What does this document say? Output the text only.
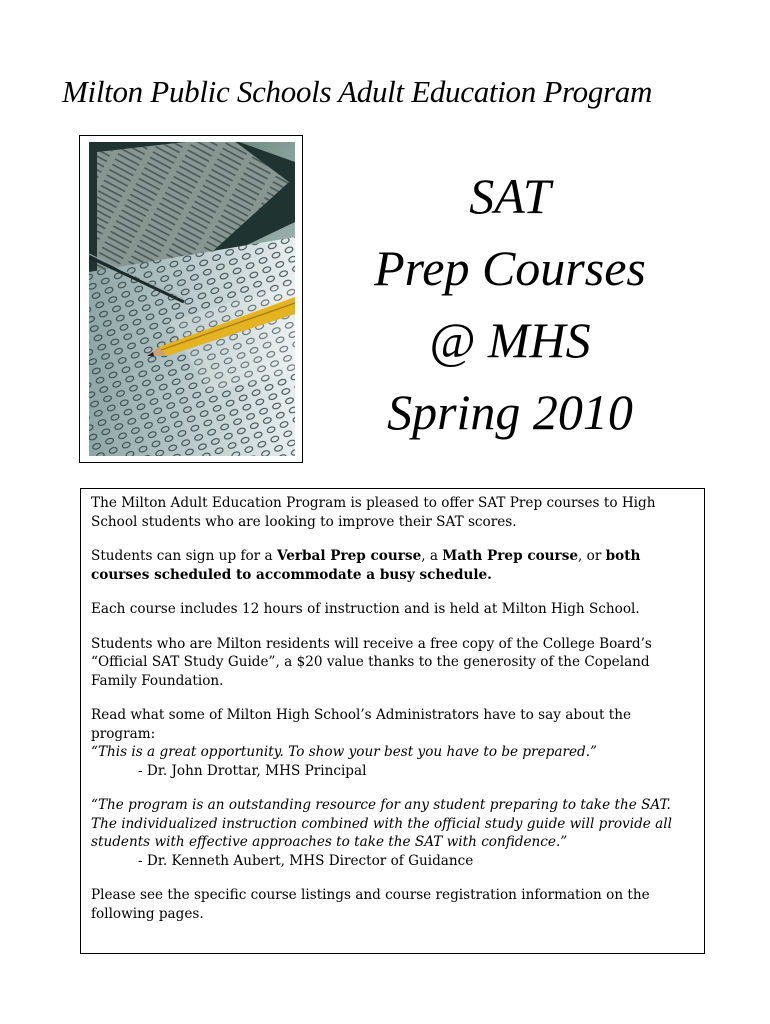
Milton Public Schools Adult Education Program
SAT
Prep Courses
@ MHS
Spring 2010

The Milton Adult Education Program is pleased to offer SAT Prep courses to High School students who are looking to improve their SAT scores.

Students can sign up for a Verbal Prep course, a Math Prep course, or both courses scheduled to accommodate a busy schedule.

Each course includes 12 hours of instruction and is held at Milton High School.

Students who are Milton residents will receive a free copy of the College Board’s “Official SAT Study Guide”, a $20 value thanks to the generosity of the Copeland Family Foundation.

Read what some of Milton High School’s Administrators have to say about the program:

“This is a great opportunity. To show your best you have to be prepared.”

- Dr. John Drottar, MHS Principal

“The program is an outstanding resource for any student preparing to take the SAT. The individualized instruction combined with the official study guide will provide all students with effective approaches to take the SAT with confidence.”

- Dr. Kenneth Aubert, MHS Director of Guidance

Please see the specific course listings and course registration information on the following pages.
